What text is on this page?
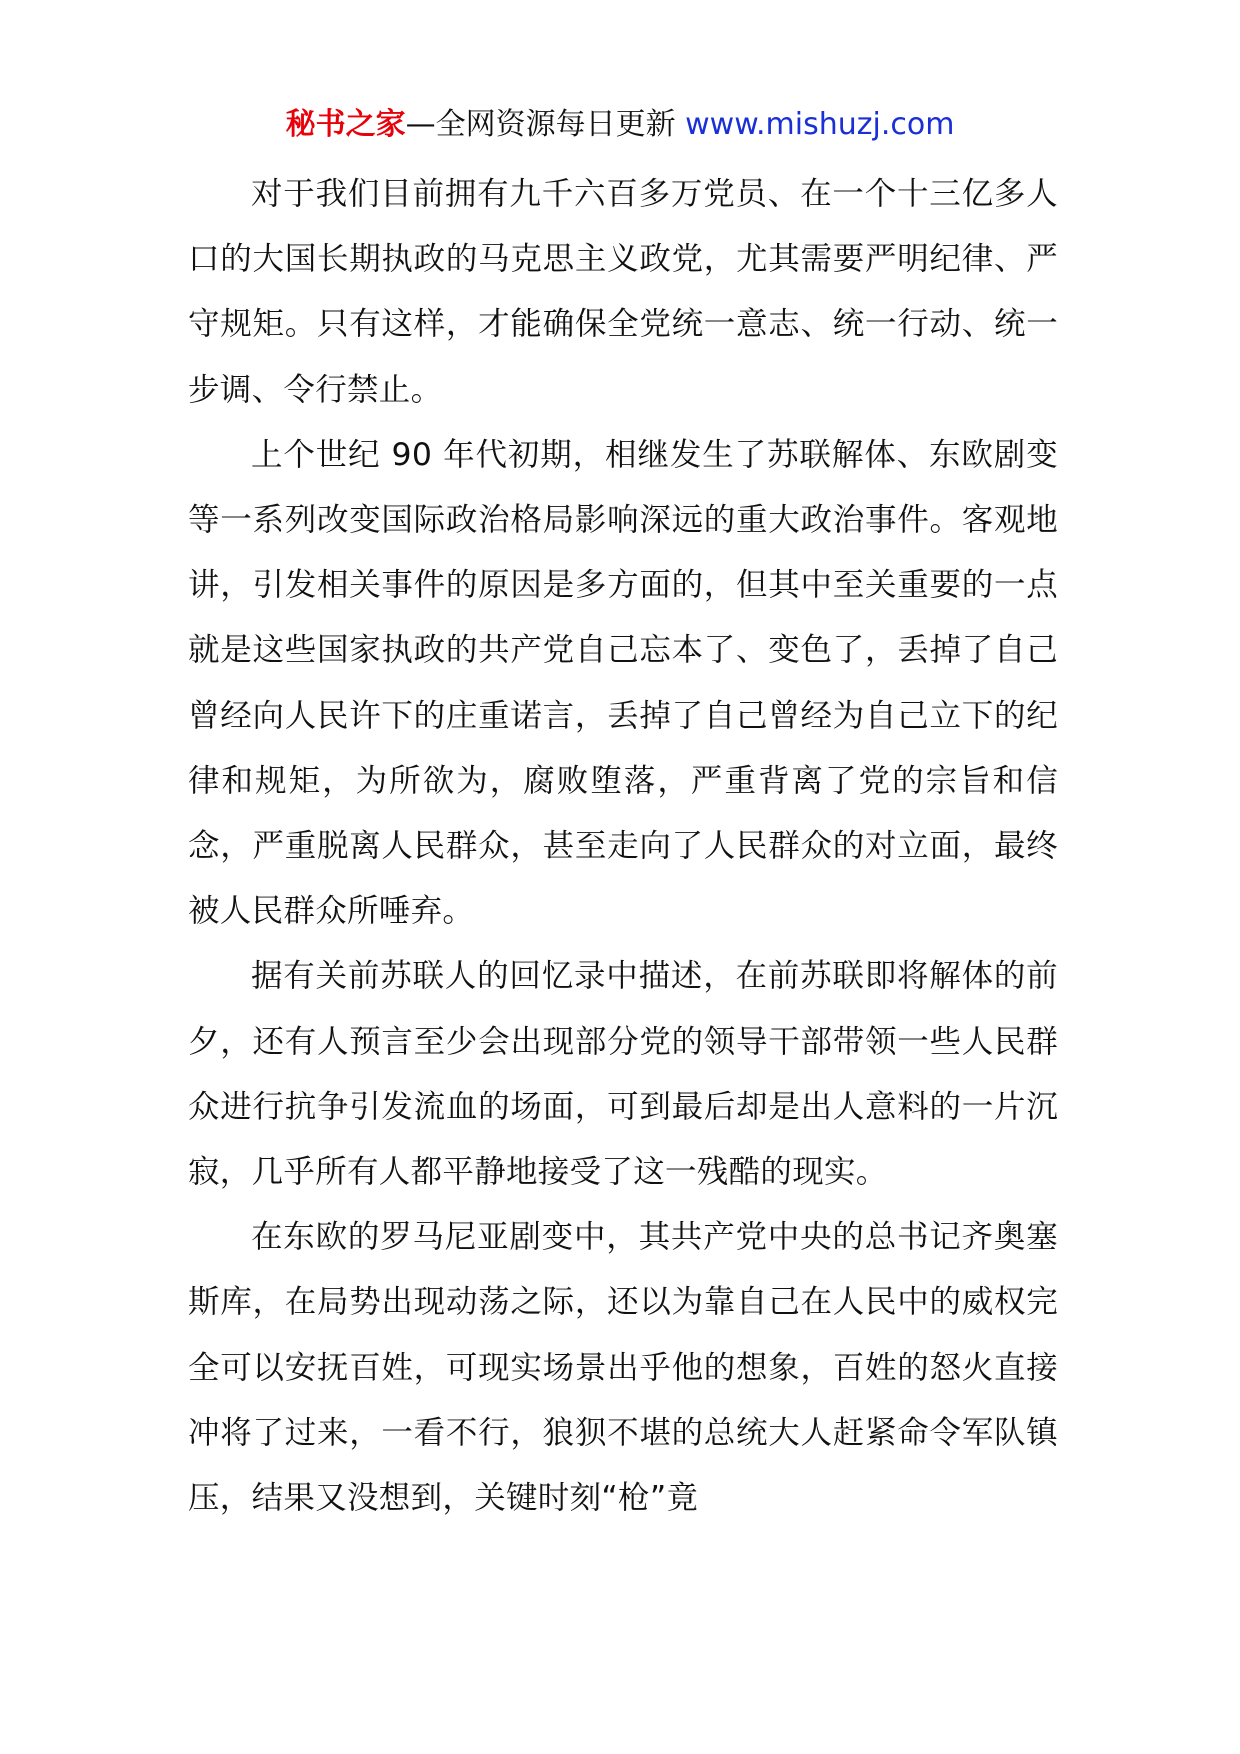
秘书之家—全网资源每日更新 www.mishuzj.com

对于我们目前拥有九千六百多万党员、在一个十三亿多人口的大国长期执政的马克思主义政党，尤其需要严明纪律、严守规矩。只有这样，才能确保全党统一意志、统一行动、统一步调、令行禁止。

上个世纪 90 年代初期，相继发生了苏联解体、东欧剧变等一系列改变国际政治格局影响深远的重大政治事件。客观地讲，引发相关事件的原因是多方面的，但其中至关重要的一点就是这些国家执政的共产党自己忘本了、变色了，丢掉了自己曾经向人民许下的庄重诺言，丢掉了自己曾经为自己立下的纪律和规矩，为所欲为，腐败堕落，严重背离了党的宗旨和信念，严重脱离人民群众，甚至走向了人民群众的对立面，最终被人民群众所唾弃。

据有关前苏联人的回忆录中描述，在前苏联即将解体的前夕，还有人预言至少会出现部分党的领导干部带领一些人民群众进行抗争引发流血的场面，可到最后却是出人意料的一片沉寂，几乎所有人都平静地接受了这一残酷的现实。

在东欧的罗马尼亚剧变中，其共产党中央的总书记齐奥塞斯库，在局势出现动荡之际，还以为靠自己在人民中的威权完全可以安抚百姓，可现实场景出乎他的想象，百姓的怒火直接冲将了过来，一看不行，狼狈不堪的总统大人赶紧命令军队镇压，结果又没想到，关键时刻“枪”竟
